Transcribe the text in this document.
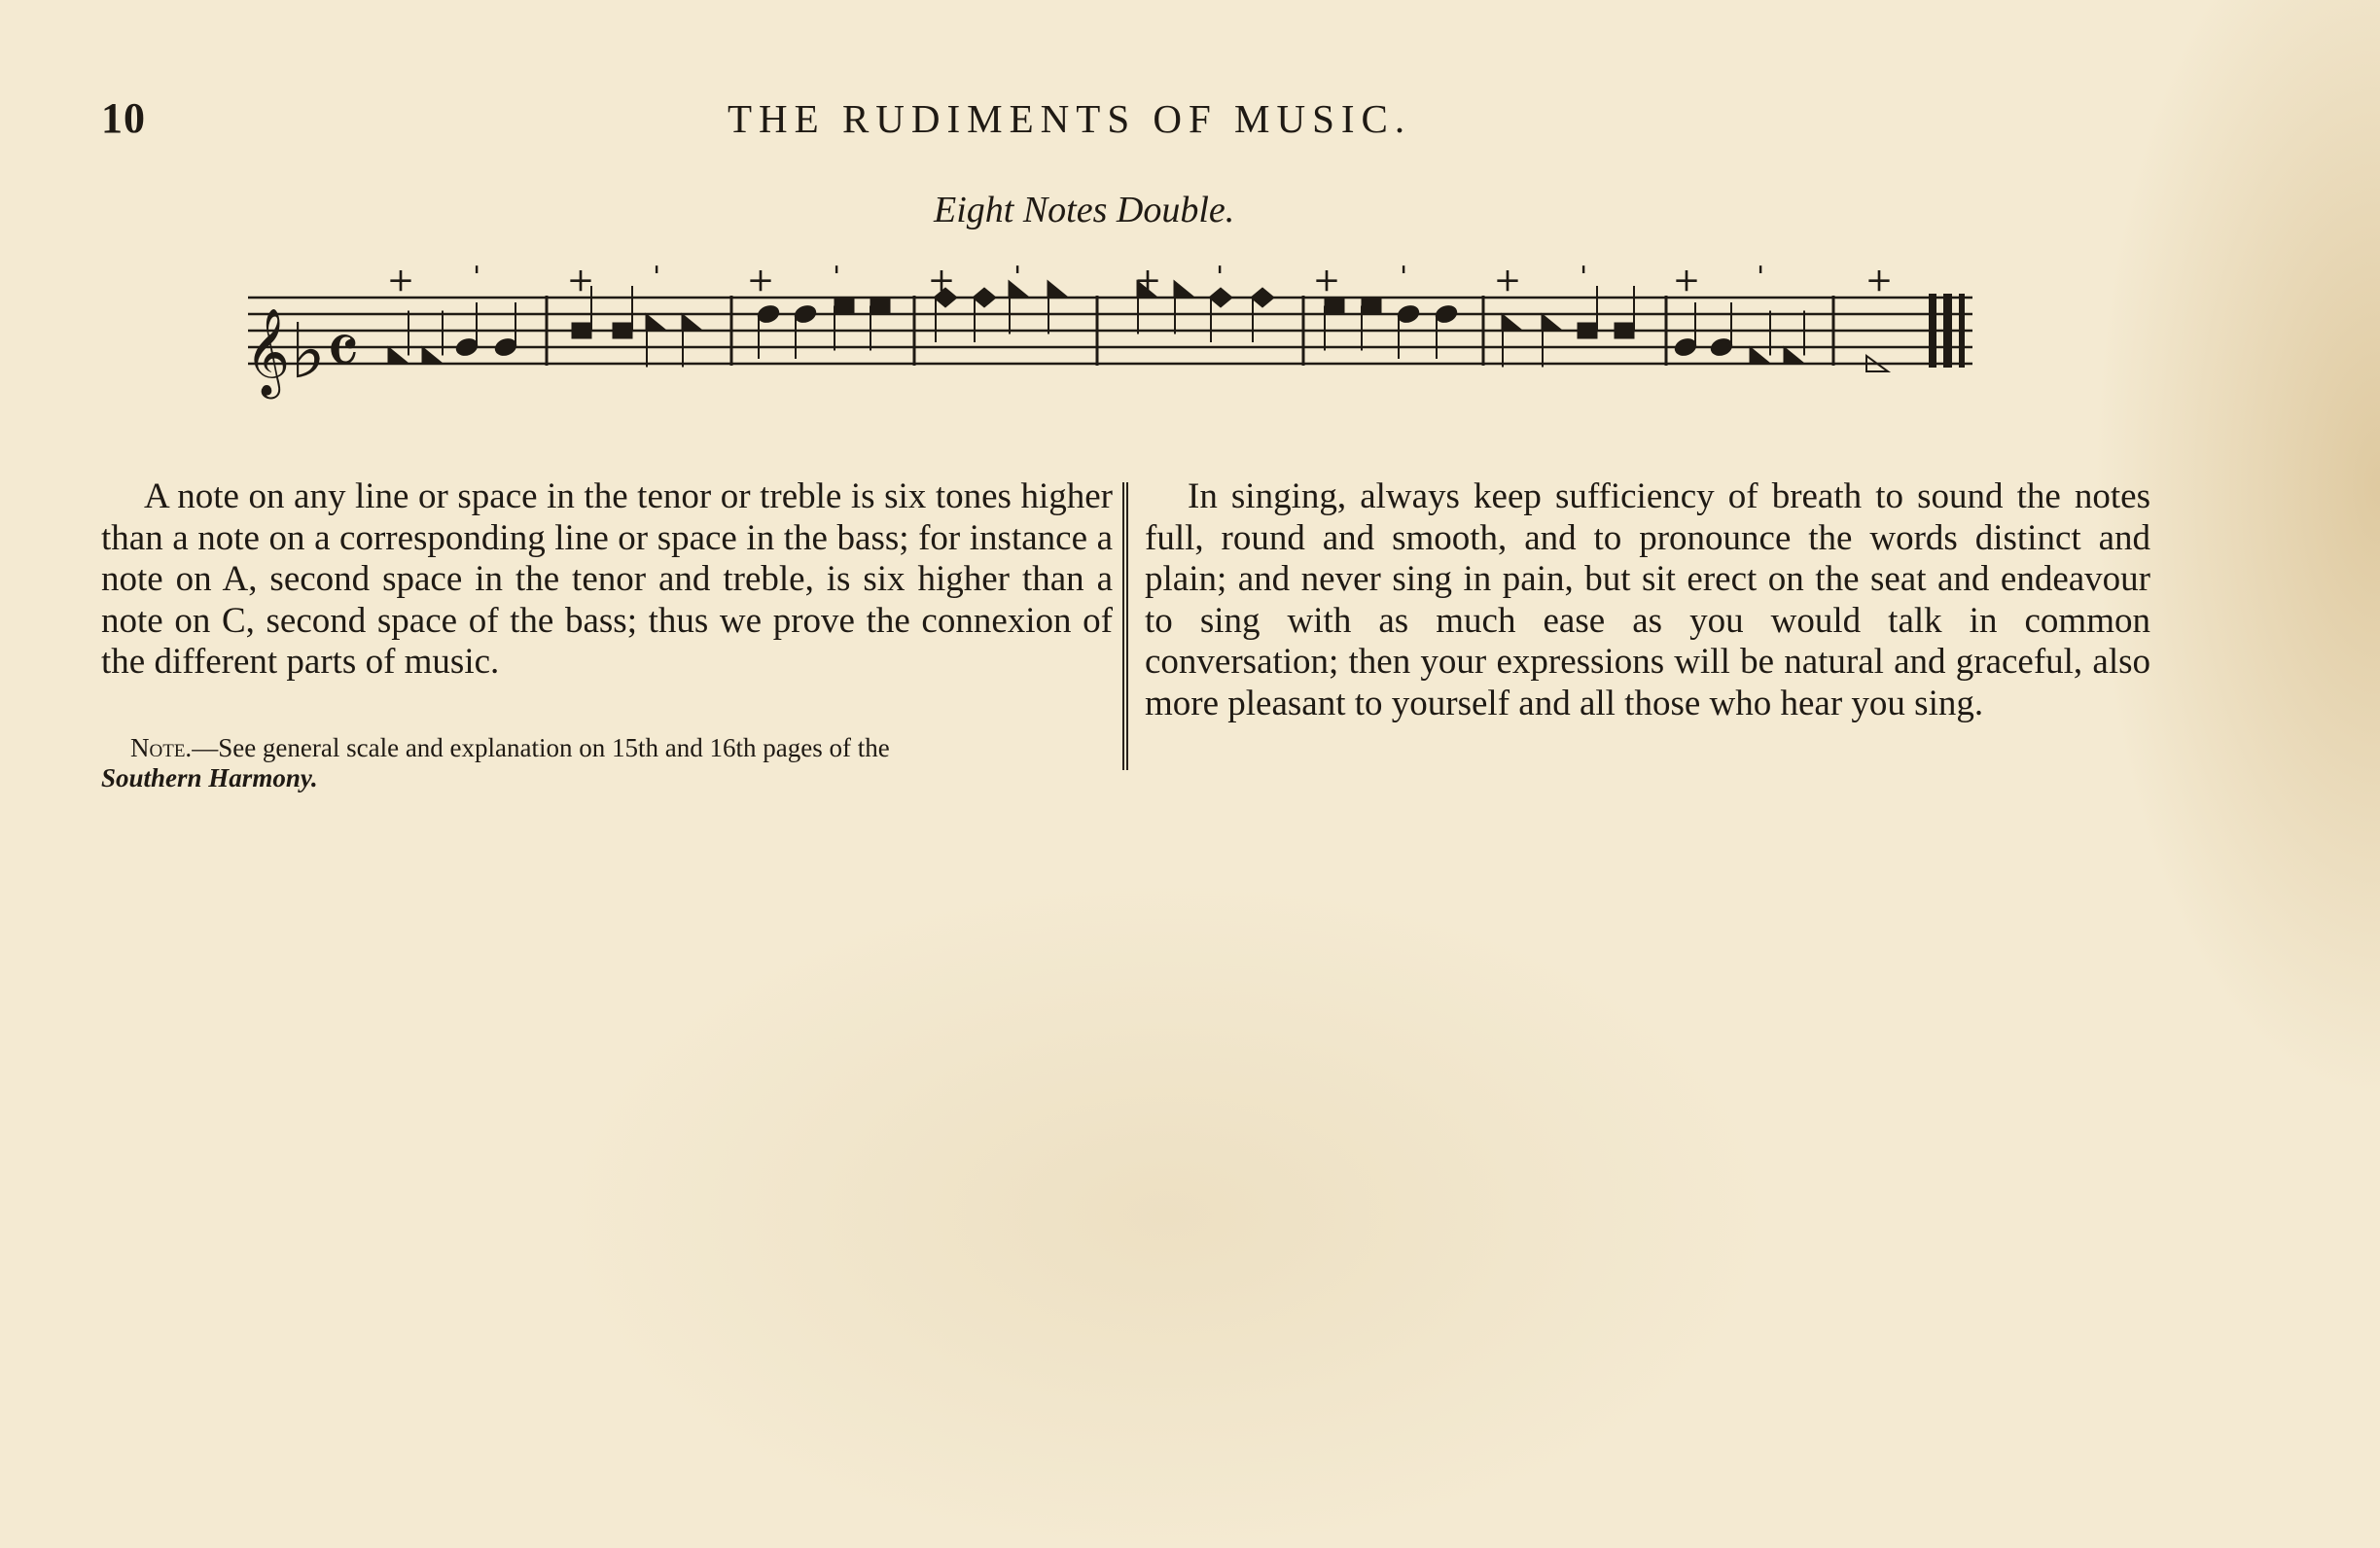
10	THE RUDIMENTS OF MUSIC.
Eight Notes Double.
𝄞♭𝄴
+ ˈ	+ ˈ	+ ˈ	+ ˈ	+ ˈ	+ ˈ	+ ˈ	+ ˈ	+

A note on any line or space in the tenor or treble is six tones higher than a note on a corresponding line or space in the bass; for instance a note on A, second space in the tenor and treble, is six higher than a note on C, second space of the bass; thus we prove the connexion of the different parts of music.

Note.—See general scale and explanation on 15th and 16th pages of the
Southern Harmony.

In singing, always keep sufficiency of breath to sound the notes full, round and smooth, and to pronounce the words distinct and plain; and never sing in pain, but sit erect on the seat and endeavour to sing with as much ease as you would talk in common conversation; then your expressions will be natural and graceful, also more pleasant to yourself and all those who hear you sing.
